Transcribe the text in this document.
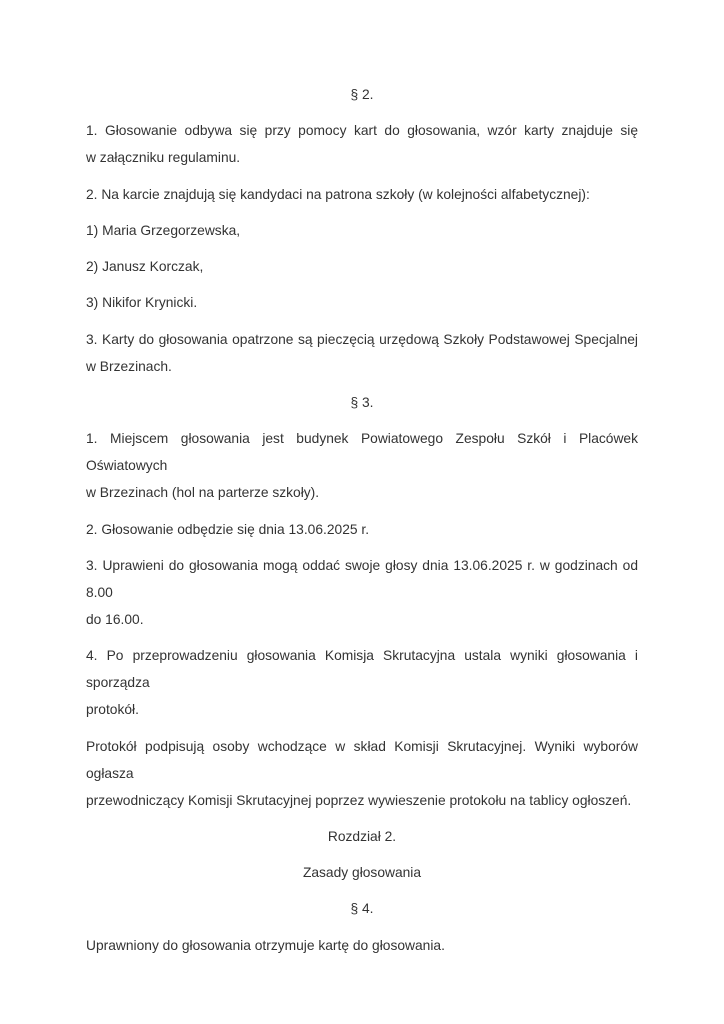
§ 2.
1. Głosowanie odbywa się przy pomocy kart do głosowania, wzór karty znajduje się
w załączniku regulaminu.
2. Na karcie znajdują się kandydaci na patrona szkoły (w kolejności alfabetycznej):
1) Maria Grzegorzewska,
2) Janusz Korczak,
3) Nikifor Krynicki.
3. Karty do głosowania opatrzone są pieczęcią urzędową Szkoły Podstawowej Specjalnej
w Brzezinach.
§ 3.
1. Miejscem głosowania jest budynek Powiatowego Zespołu Szkół i Placówek Oświatowych
w Brzezinach (hol na parterze szkoły).
2. Głosowanie odbędzie się dnia 13.06.2025 r.
3. Uprawieni do głosowania mogą oddać swoje głosy dnia 13.06.2025 r. w godzinach od 8.00
do 16.00.
4. Po przeprowadzeniu głosowania Komisja Skrutacyjna ustala wyniki głosowania i sporządza
protokół.
Protokół podpisują osoby wchodzące w skład Komisji Skrutacyjnej. Wyniki wyborów ogłasza
przewodniczący Komisji Skrutacyjnej poprzez wywieszenie protokołu na tablicy ogłoszeń.
Rozdział 2.
Zasady głosowania
§ 4.
Uprawniony do głosowania otrzymuje kartę do głosowania.
